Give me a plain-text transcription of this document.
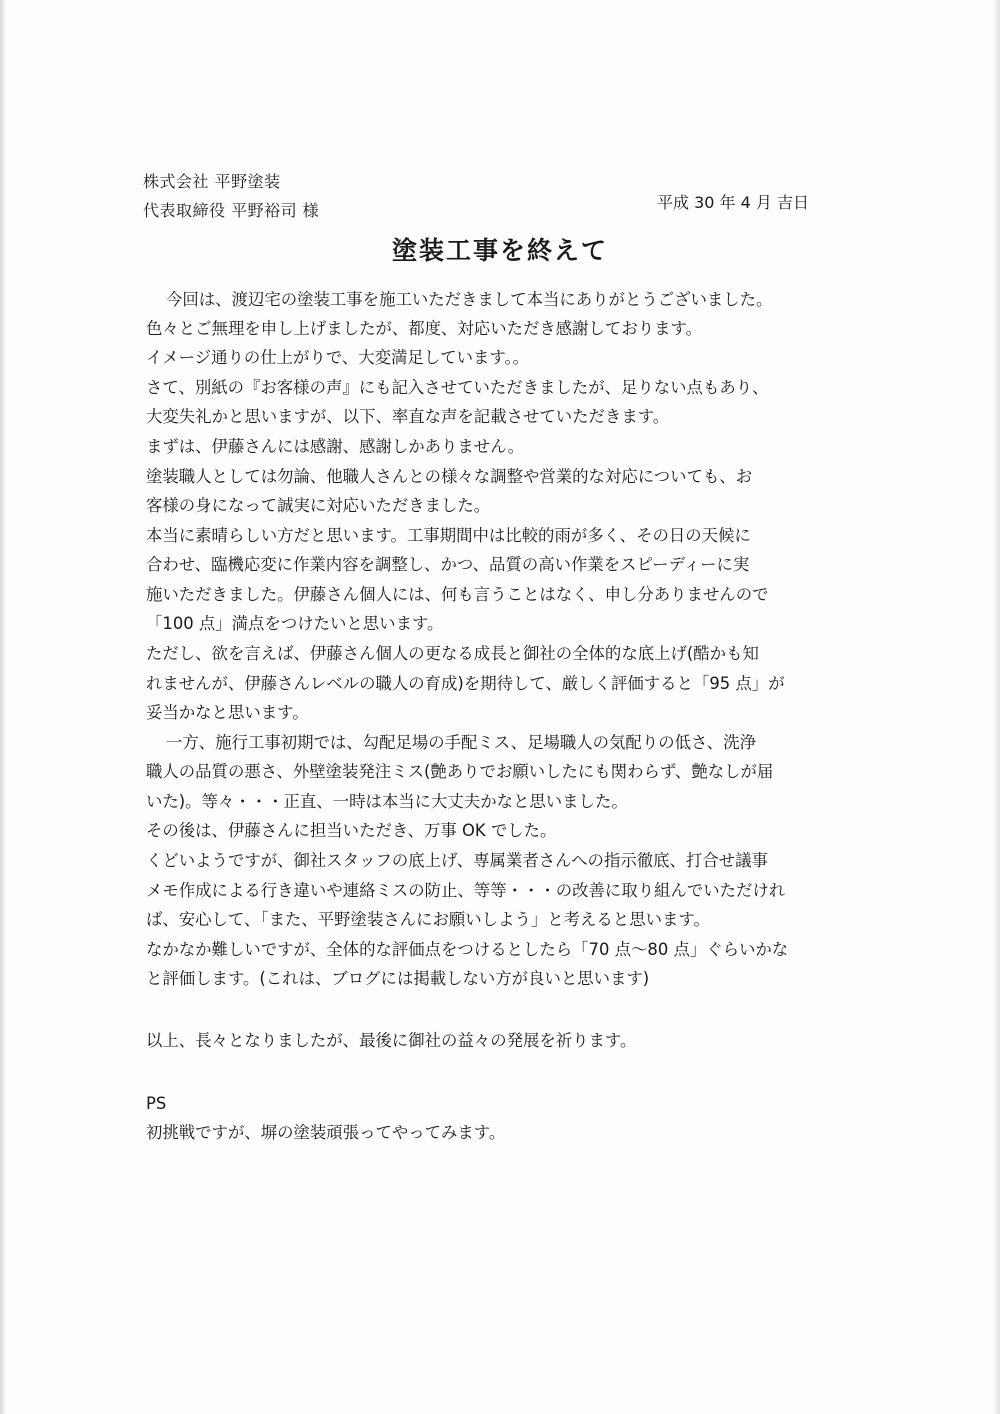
株式会社 平野塗装
代表取締役 平野裕司 様	平成 30 年 4 月 吉日
塗装工事を終えて
今回は、渡辺宅の塗装工事を施工いただきまして本当にありがとうございました。
色々とご無理を申し上げましたが、都度、対応いただき感謝しております。
イメージ通りの仕上がりで、大変満足しています。。
さて、別紙の『お客様の声』にも記入させていただきましたが、足りない点もあり、
大変失礼かと思いますが、以下、率直な声を記載させていただきます。
まずは、伊藤さんには感謝、感謝しかありません。
塗装職人としては勿論、他職人さんとの様々な調整や営業的な対応についても、お
客様の身になって誠実に対応いただきました。
本当に素晴らしい方だと思います。工事期間中は比較的雨が多く、その日の天候に
合わせ、臨機応変に作業内容を調整し、かつ、品質の高い作業をスピーディーに実
施いただきました。伊藤さん個人には、何も言うことはなく、申し分ありませんので
「100 点」満点をつけたいと思います。
ただし、欲を言えば、伊藤さん個人の更なる成長と御社の全体的な底上げ(酷かも知
れませんが、伊藤さんレベルの職人の育成)を期待して、厳しく評価すると「95 点」が
妥当かなと思います。
一方、施行工事初期では、勾配足場の手配ミス、足場職人の気配りの低さ、洗浄
職人の品質の悪さ、外壁塗装発注ミス(艶ありでお願いしたにも関わらず、艶なしが届
いた)。等々・・・正直、一時は本当に大丈夫かなと思いました。
その後は、伊藤さんに担当いただき、万事 OK でした。
くどいようですが、御社スタッフの底上げ、専属業者さんへの指示徹底、打合せ議事
メモ作成による行き違いや連絡ミスの防止、等等・・・の改善に取り組んでいただけれ
ば、安心して、「また、平野塗装さんにお願いしよう」と考えると思います。
なかなか難しいですが、全体的な評価点をつけるとしたら「70 点～80 点」ぐらいかな
と評価します。(これは、ブログには掲載しない方が良いと思います)
以上、長々となりましたが、最後に御社の益々の発展を祈ります。
PS
初挑戦ですが、塀の塗装頑張ってやってみます。
